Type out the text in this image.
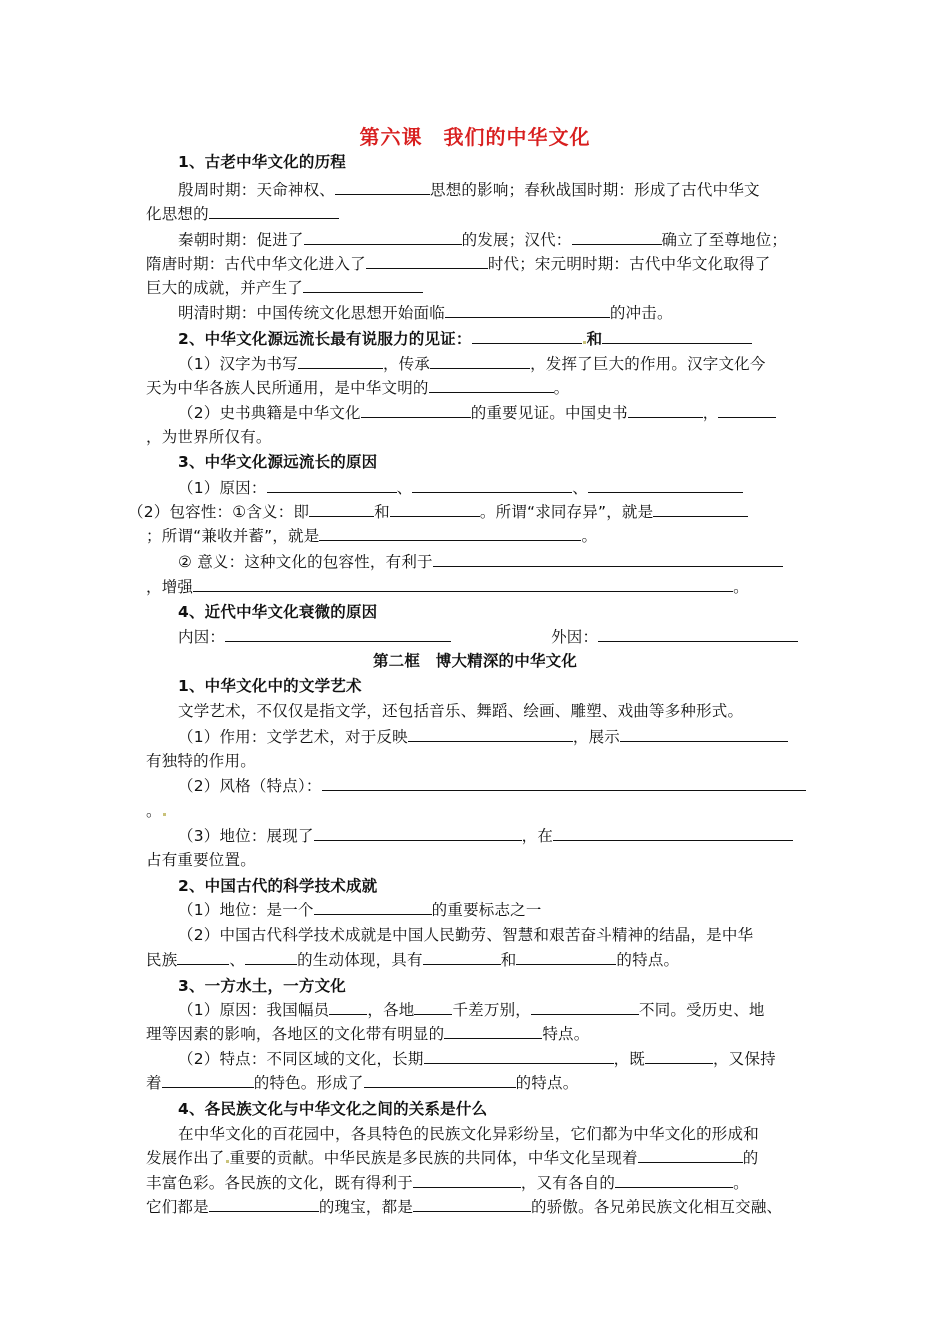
第六课　我们的中华文化
1、古老中华文化的历程
殷周时期：天命神权、	思想的影响；春秋战国时期：形成了古代中华文
化思想的
秦朝时期：促进了	的发展；汉代：	确立了至尊地位；
隋唐时期：古代中华文化进入了	时代；宋元明时期：古代中华文化取得了
巨大的成就，并产生了
明清时期：中国传统文化思想开始面临	的冲击。
2、中华文化源远流长最有说服力的见证：	和
（1）汉字为书写	，传承	，发挥了巨大的作用。汉字文化今
天为中华各族人民所通用，是中华文明的	。
（2）史书典籍是中华文化	的重要见证。中国史书	，
，为世界所仅有。
3、中华文化源远流长的原因
（1）原因：	、	、
（2）包容性：①含义：即	和	。所谓“求同存异”，就是
；所谓“兼收并蓄”，就是	。
② 意义：这种文化的包容性，有利于
，增强	。
4、近代中华文化衰微的原因
内因：	外因：
第二框　博大精深的中华文化
1、中华文化中的文学艺术
文学艺术，不仅仅是指文学，还包括音乐、舞蹈、绘画、雕塑、戏曲等多种形式。
（1）作用：文学艺术，对于反映	，展示
有独特的作用。
（2）风格（特点）：
。
（3）地位：展现了	，在
占有重要位置。
2、中国古代的科学技术成就
（1）地位：是一个	的重要标志之一
（2）中国古代科学技术成就是中国人民勤劳、智慧和艰苦奋斗精神的结晶，是中华
民族	、	的生动体现，具有	和	的特点。
3、一方水土，一方文化
（1）原因：我国幅员 ，各地 千差万别，	不同。受历史、地
理等因素的影响，各地区的文化带有明显的	特点。
（2）特点：不同区域的文化，长期	，既	，又保持
着	的特色。形成了	的特点。
4、各民族文化与中华文化之间的关系是什么
在中华文化的百花园中，各具特色的民族文化异彩纷呈，它们都为中华文化的形成和
发展作出了 重要的贡献。中华民族是多民族的共同体，中华文化呈现着	的
丰富色彩。各民族的文化，既有得利于	，又有各自的	。
它们都是	的瑰宝，都是	的骄傲。各兄弟民族文化相互交融、
